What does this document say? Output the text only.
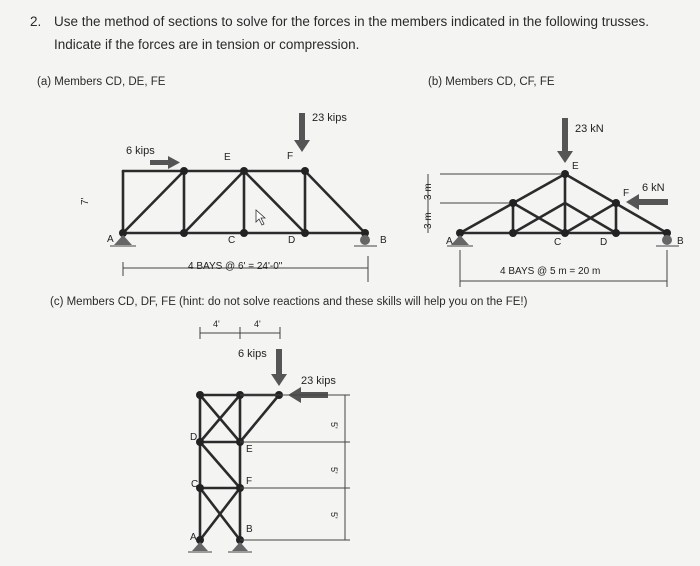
2. Use the method of sections to solve for the forces in the members indicated in the following trusses.
Indicate if the forces are in tension or compression.
(a) Members CD, DE, FE	(b) Members CD, CF, FE
(c) Members CD, DF, FE (hint: do not solve reactions and these skills will help you on the FE!)
23 kips
6 kips
A	C	D	B
E	F
7'
4 BAYS @ 6' = 24'-0"
23 kN
6 kN
A	C	D	B
E
F
3 m
3 m
4 BAYS @ 5 m = 20 m
4'	4'
6 kips
23 kips
D
C
A
E
F
B
5'
5'
5'
